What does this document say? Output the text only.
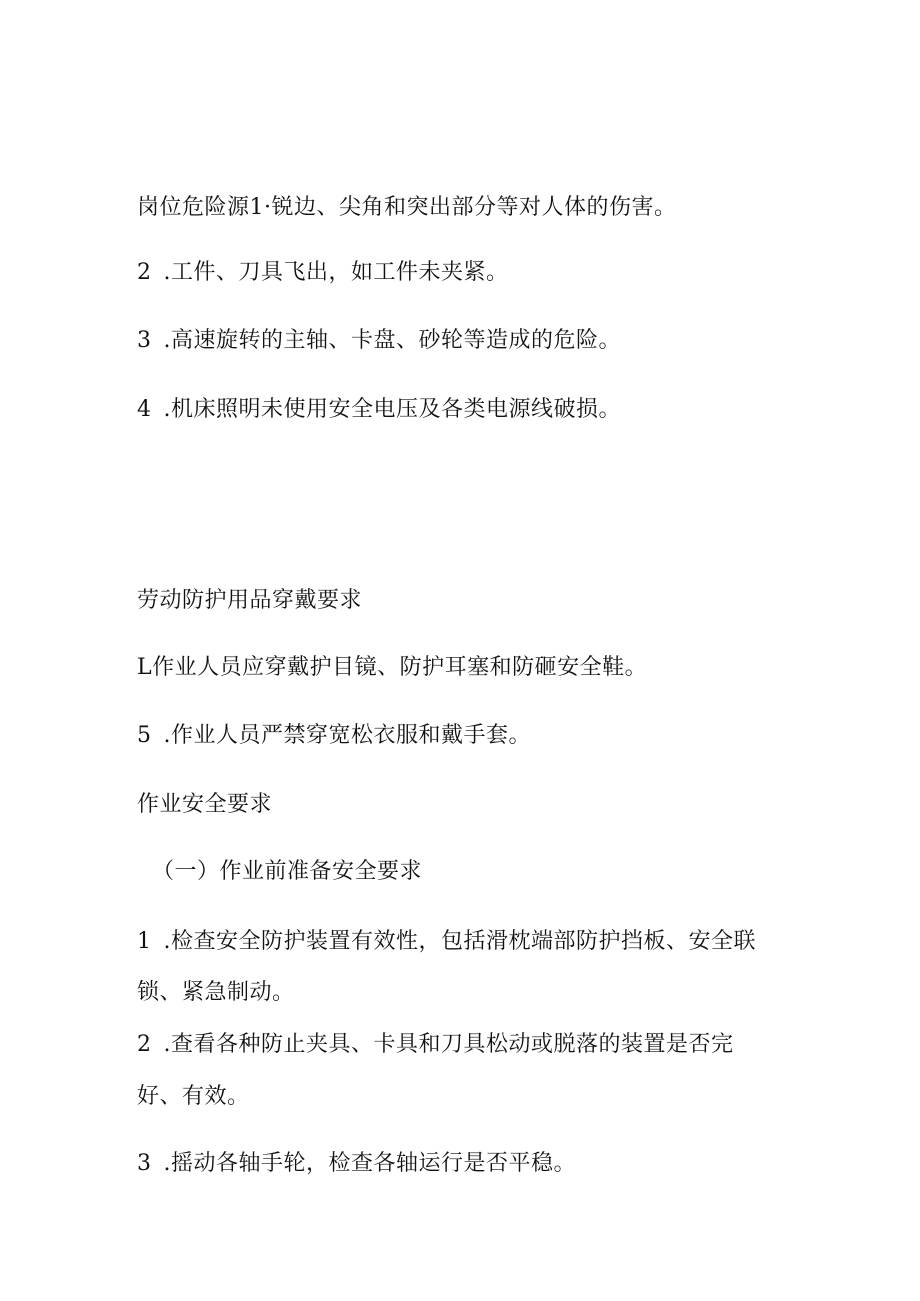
岗位危险源1·锐边、尖角和突出部分等对人体的伤害。
2 .工件、刀具飞出，如工件未夹紧。
3 .高速旋转的主轴、卡盘、砂轮等造成的危险。
4 .机床照明未使用安全电压及各类电源线破损。
劳动防护用品穿戴要求
L作业人员应穿戴护目镜、防护耳塞和防砸安全鞋。
5 .作业人员严禁穿宽松衣服和戴手套。
作业安全要求
（一）作业前准备安全要求
1 .检查安全防护装置有效性，包括滑枕端部防护挡板、安全联
锁、紧急制动。
2 .查看各种防止夹具、卡具和刀具松动或脱落的装置是否完
好、有效。
3 .摇动各轴手轮，检查各轴运行是否平稳。
